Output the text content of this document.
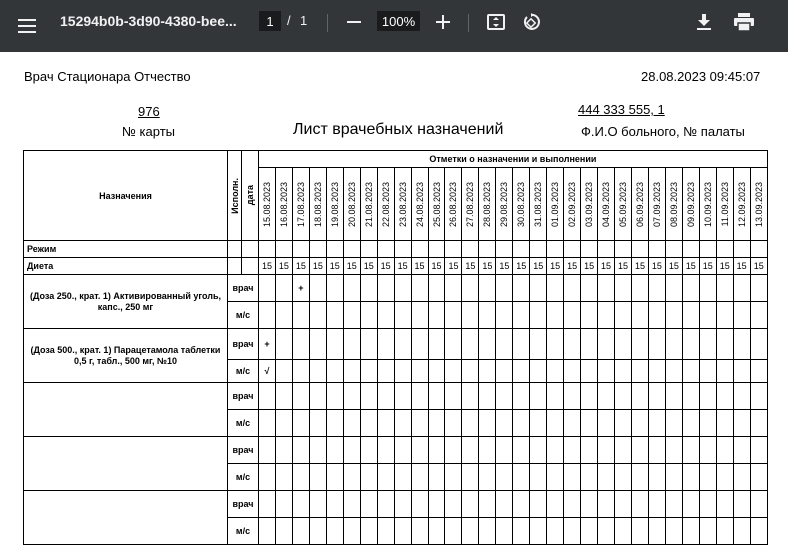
15294b0b-3d90-4380-bee...
1	/ 1
100%
Врач Стационара Отчество	28.08.2023 09:45:07
976
№ карты	Лист врачебных назначений
444 333 555, 1
Ф.И.О больного, № палаты
Назначения	Исполн.	дата	Отметки о назначении и выполнении																													

			15.08.2023	16.08.2023	17.08.2023	18.08.2023	19.08.2023	20.08.2023	21.08.2023	22.08.2023	23.08.2023	24.08.2023	25.08.2023	26.08.2023	27.08.2023	28.08.2023	29.08.2023	30.08.2023	31.08.2023	01.09.2023	02.09.2023	03.09.2023	04.09.2023	05.09.2023	06.09.2023	07.09.2023	08.09.2023	09.09.2023	10.09.2023	11.09.2023	12.09.2023	13.09.2023

Режим																																
Диета			15	15	15	15	15	15	15	15	15	15	15	15	15	15	15	15	15	15	15	15	15	15	15	15	15	15	15	15	15	15
(Доза 250., крат. 1) Активированный уголь, капс., 250 мг	врач				+																											
	м/с																															
(Доза 500., крат. 1) Парацетамола таблетки 0,5 г, табл., 500 мг, №10	врач		+																													
	м/с		√																													
	врач																															
	м/с																															
	врач																															
	м/с																															
	врач																															
	м/с																															
